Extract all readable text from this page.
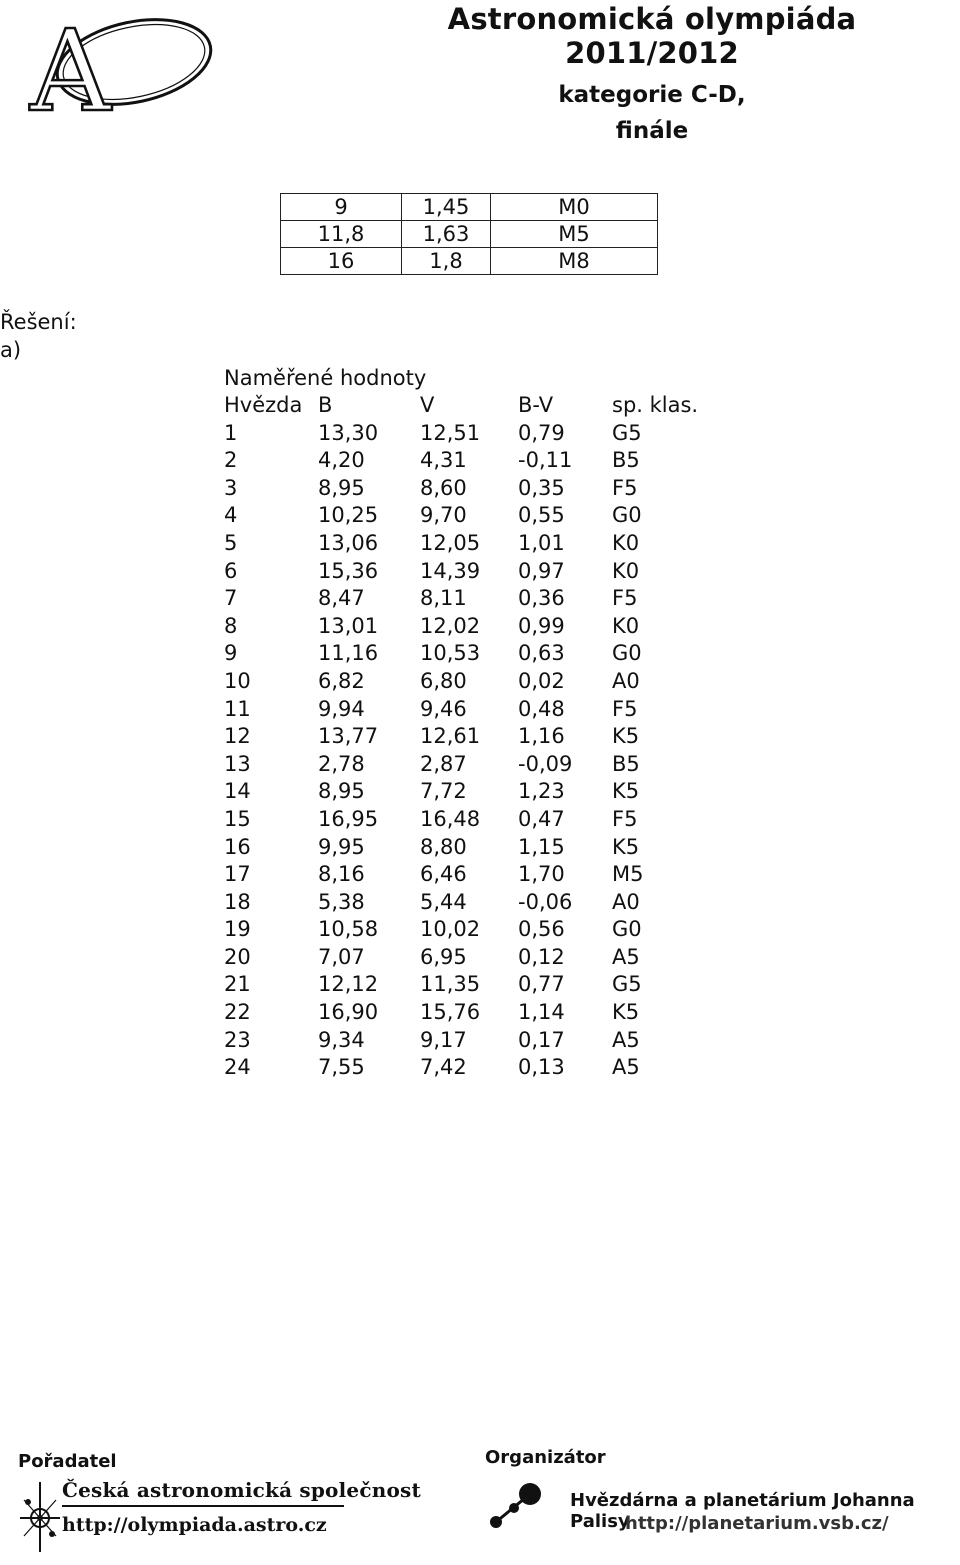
A	Astronomická olympiáda 2011/2012
kategorie C-D,
finále
9	1,45	M0
11,8	1,63	M5
16	1,8	M8
Řešení:
a)
Naměřené hodnoty
Hvězda B	V	B-V	sp. klas.
1	13,30 12,51 0,79 G5
2	4,20	4,31 -0,11 B5
3	8,95	8,60 0,35 F5
4	10,25 9,70 0,55 G0
5	13,06 12,05 1,01 K0
6	15,36 14,39 0,97 K0
7	8,47	8,11 0,36 F5
8	13,01 12,02 0,99 K0
9	11,16 10,53 0,63 G0
10	6,82	6,80 0,02 A0
11	9,94	9,46 0,48 F5
12	13,77 12,61 1,16 K5
13	2,78	2,87 -0,09 B5
14	8,95	7,72 1,23 K5
15	16,95 16,48 0,47 F5
16	9,95	8,80 1,15 K5
17	8,16	6,46 1,70 M5
18	5,38	5,44 -0,06 A0
19	10,58 10,02 0,56 G0
20	7,07	6,95 0,12 A5
21	12,12 11,35 0,77 G5
22	16,90 15,76 1,14 K5
23	9,34	9,17 0,17 A5
24	7,55	7,42 0,13 A5
Pořadatel	Organizátor
Česká astronomická společnost
http://olympiada.astro.cz
Hvězdárna a planetárium Johanna Palisy
http://planetarium.vsb.cz/
